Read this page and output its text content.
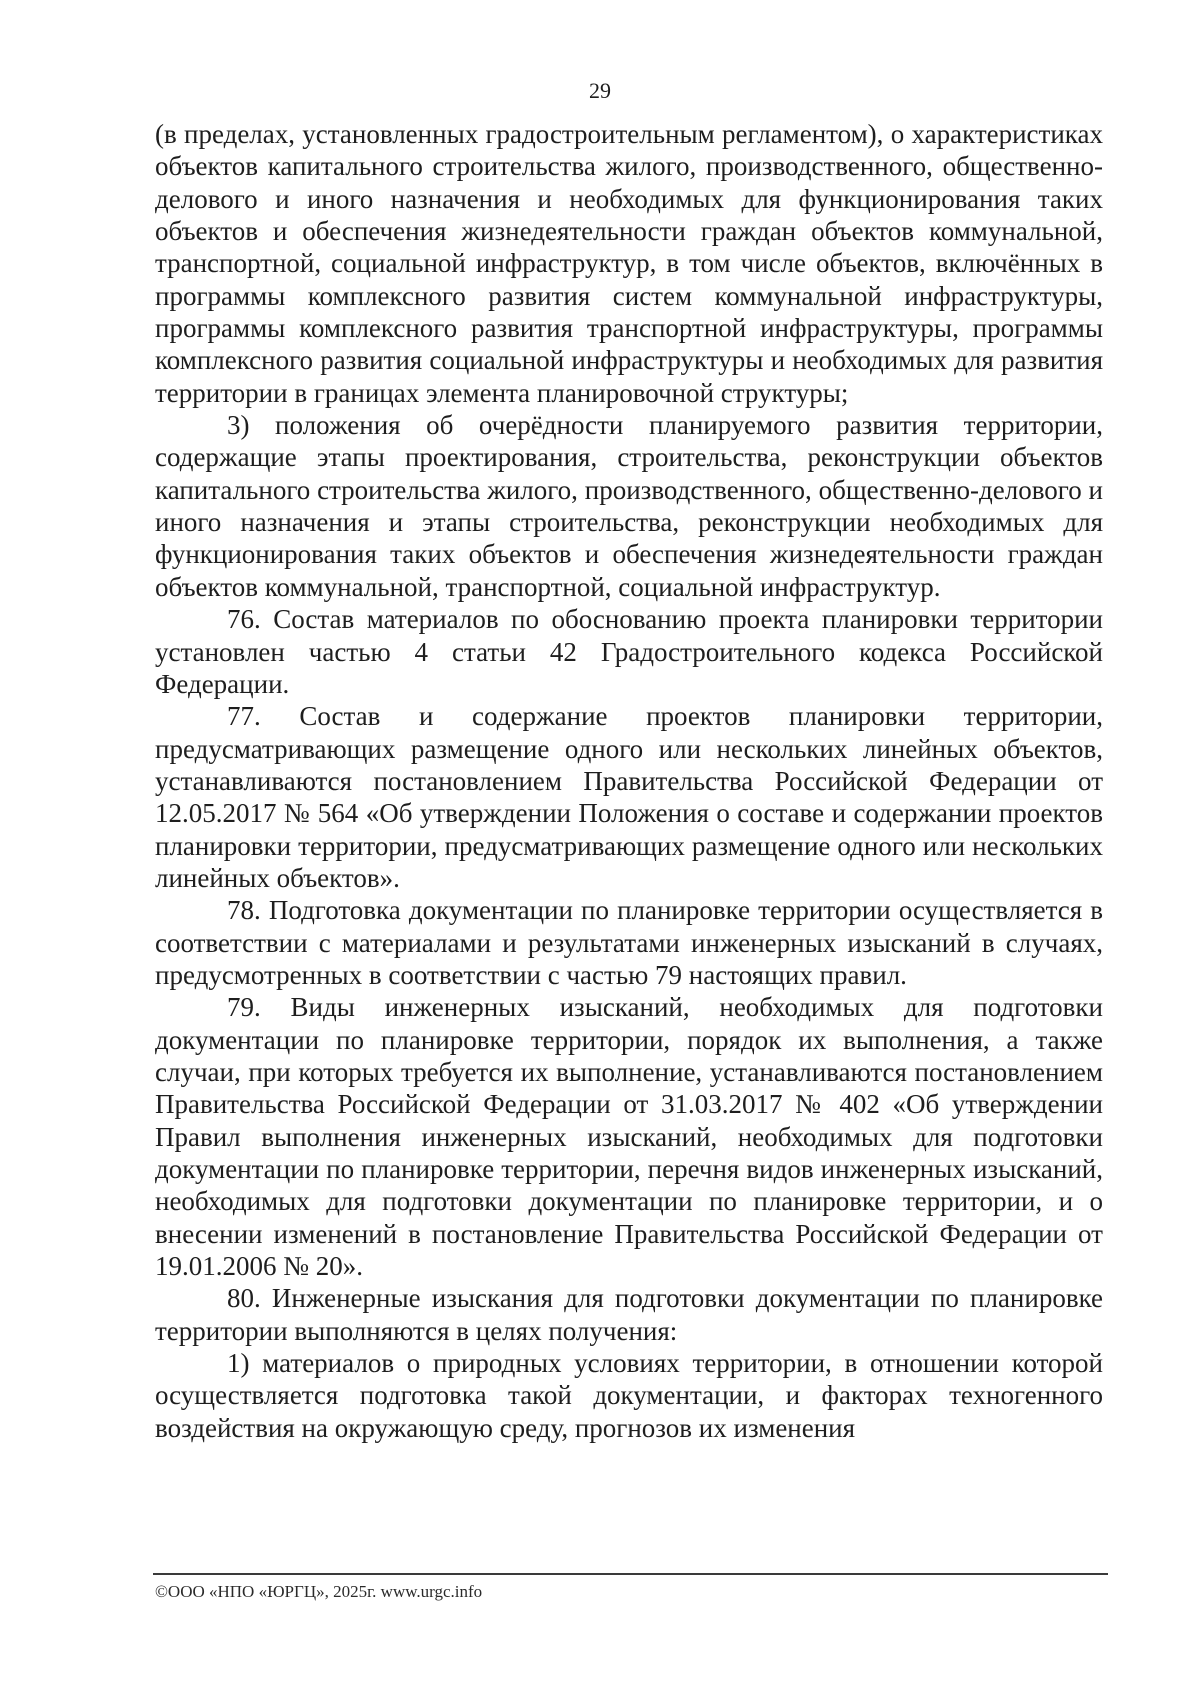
29

(в пределах, установленных градостроительным регламентом), о характеристиках объектов капитального строительства жилого, производственного, общественно-делового и иного назначения и необходимых для функционирования таких объектов и обеспечения жизнедеятельности граждан объектов коммунальной, транспортной, социальной инфраструктур, в том числе объектов, включённых в программы комплексного развития систем коммунальной инфраструктуры, программы комплексного развития транспортной инфраструктуры, программы комплексного развития социальной инфраструктуры и необходимых для развития территории в границах элемента планировочной структуры;

3) положения об очерёдности планируемого развития территории, содержащие этапы проектирования, строительства, реконструкции объектов капитального строительства жилого, производственного, общественно-делового и иного назначения и этапы строительства, реконструкции необходимых для функционирования таких объектов и обеспечения жизнедеятельности граждан объектов коммунальной, транспортной, социальной инфраструктур.

76. Состав материалов по обоснованию проекта планировки территории установлен частью 4 статьи 42 Градостроительного кодекса Российской Федерации.

77. Состав и содержание проектов планировки территории, предусматривающих размещение одного или нескольких линейных объектов, устанавливаются постановлением Правительства Российской Федерации от 12.05.2017 № 564 «Об утверждении Положения о составе и содержании проектов планировки территории, предусматривающих размещение одного или нескольких линейных объектов».

78. Подготовка документации по планировке территории осуществляется в соответствии с материалами и результатами инженерных изысканий в случаях, предусмотренных в соответствии с частью 79 настоящих правил.

79. Виды инженерных изысканий, необходимых для подготовки документации по планировке территории, порядок их выполнения, а также случаи, при которых требуется их выполнение, устанавливаются постановлением Правительства Российской Федерации от 31.03.2017 № 402 «Об утверждении Правил выполнения инженерных изысканий, необходимых для подготовки документации по планировке территории, перечня видов инженерных изысканий, необходимых для подготовки документации по планировке территории, и о внесении изменений в постановление Правительства Российской Федерации от 19.01.2006 № 20».

80. Инженерные изыскания для подготовки документации по планировке территории выполняются в целях получения:

1) материалов о природных условиях территории, в отношении которой осуществляется подготовка такой документации, и факторах техногенного воздействия на окружающую среду, прогнозов их изменения

©ООО «НПО «ЮРГЦ», 2025г. www.urgc.info
